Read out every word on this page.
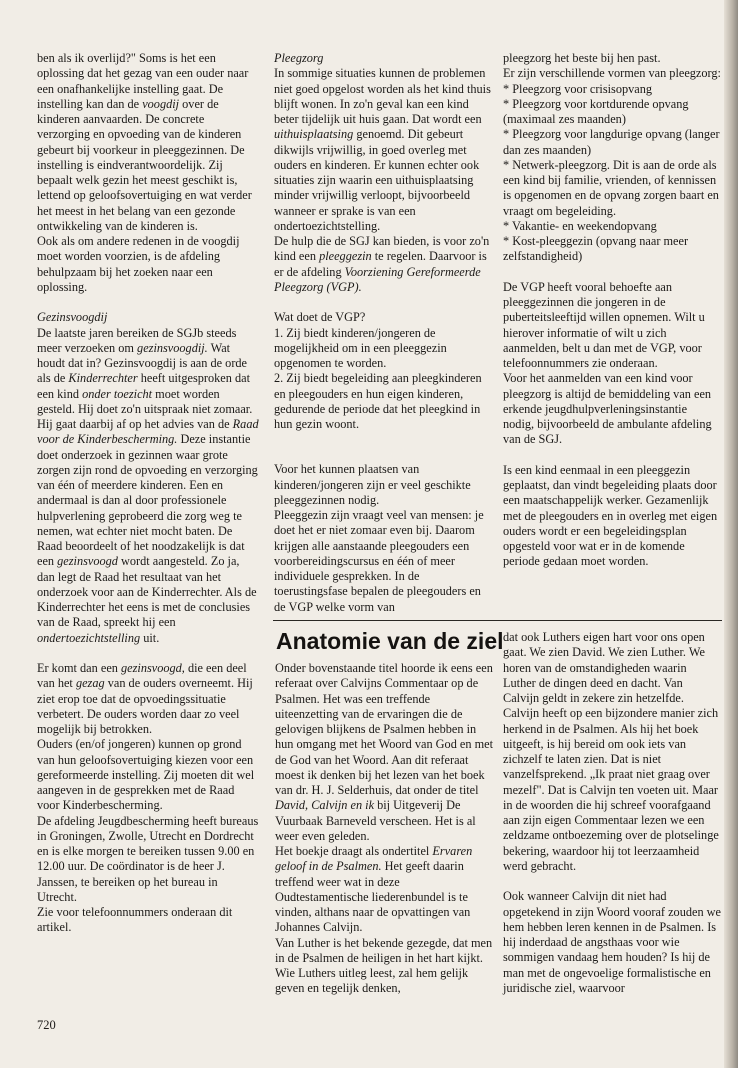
ben als ik overlijd?" Soms is het een oplossing dat het gezag van een ouder naar een onafhankelijke instelling gaat. De instelling kan dan de voogdij over de kinderen aanvaarden. De concrete verzorging en opvoeding van de kinderen gebeurt bij voorkeur in pleeggezinnen. De instelling is eindverantwoordelijk. Zij bepaalt welk gezin het meest geschikt is, lettend op geloofsovertuiging en wat verder het meest in het belang van een gezonde ontwikkeling van de kinderen is.

Ook als om andere redenen in de voogdij moet worden voorzien, is de afdeling behulpzaam bij het zoeken naar een oplossing.

Gezinsvoogdij

De laatste jaren bereiken de SGJb steeds meer verzoeken om gezinsvoogdij. Wat houdt dat in? Gezinsvoogdij is aan de orde als de Kinderrechter heeft uitgesproken dat een kind onder toezicht moet worden gesteld. Hij doet zo'n uitspraak niet zomaar. Hij gaat daarbij af op het advies van de Raad voor de Kinderbescherming. Deze instantie doet onderzoek in gezinnen waar grote zorgen zijn rond de opvoeding en verzorging van één of meerdere kinderen. Een en andermaal is dan al door professionele hulpverlening geprobeerd die zorg weg te nemen, wat echter niet mocht baten. De Raad beoordeelt of het noodzakelijk is dat een gezinsvoogd wordt aangesteld. Zo ja, dan legt de Raad het resultaat van het onderzoek voor aan de Kinderrechter. Als de Kinderrechter het eens is met de conclusies van de Raad, spreekt hij een ondertoezichtstelling uit.

Er komt dan een gezinsvoogd, die een deel van het gezag van de ouders overneemt. Hij ziet erop toe dat de opvoedingssituatie verbetert. De ouders worden daar zo veel mogelijk bij betrokken.

Ouders (en/of jongeren) kunnen op grond van hun geloofsovertuiging kiezen voor een gereformeerde instelling. Zij moeten dit wel aangeven in de gesprekken met de Raad voor Kinderbescherming.

De afdeling Jeugdbescherming heeft bureaus in Groningen, Zwolle, Utrecht en Dordrecht en is elke morgen te bereiken tussen 9.00 en 12.00 uur. De coördinator is de heer J. Janssen, te bereiken op het bureau in Utrecht.

Zie voor telefoonnummers onderaan dit artikel.

Pleegzorg

In sommige situaties kunnen de problemen niet goed opgelost worden als het kind thuis blijft wonen. In zo'n geval kan een kind beter tijdelijk uit huis gaan. Dat wordt een uithuisplaatsing genoemd. Dit gebeurt dikwijls vrijwillig, in goed overleg met ouders en kinderen. Er kunnen echter ook situaties zijn waarin een uithuisplaatsing minder vrijwillig verloopt, bijvoorbeeld wanneer er sprake is van een ondertoezichtstelling.

De hulp die de SGJ kan bieden, is voor zo'n kind een pleeggezin te regelen. Daarvoor is er de afdeling Voorziening Gereformeerde Pleegzorg (VGP).

Wat doet de VGP?

1. Zij biedt kinderen/jongeren de mogelijkheid om in een pleeggezin opgenomen te worden.

2. Zij biedt begeleiding aan pleegkinderen en pleegouders en hun eigen kinderen, gedurende de periode dat het pleegkind in hun gezin woont.

Voor het kunnen plaatsen van kinderen/jongeren zijn er veel geschikte pleeggezinnen nodig.

Pleeggezin zijn vraagt veel van mensen: je doet het er niet zomaar even bij. Daarom krijgen alle aanstaande pleegouders een voorbereidingscursus en één of meer individuele gesprekken. In de toerustingsfase bepalen de pleegouders en de VGP welke vorm van

pleegzorg het beste bij hen past.

Er zijn verschillende vormen van pleegzorg:

* Pleegzorg voor crisisopvang

* Pleegzorg voor kortdurende opvang (maximaal zes maanden)

* Pleegzorg voor langdurige opvang (langer dan zes maanden)

* Netwerk-pleegzorg. Dit is aan de orde als een kind bij familie, vrienden, of kennissen is opgenomen en de opvang zorgen baart en vraagt om begeleiding.

* Vakantie- en weekendopvang

* Kost-pleeggezin (opvang naar meer zelfstandigheid)

De VGP heeft vooral behoefte aan pleeggezinnen die jongeren in de puberteitsleeftijd willen opnemen. Wilt u hierover informatie of wilt u zich aanmelden, belt u dan met de VGP, voor telefoonnummers zie onderaan.

Voor het aanmelden van een kind voor pleegzorg is altijd de bemiddeling van een erkende jeugdhulpverleningsinstantie nodig, bijvoorbeeld de ambulante afdeling van de SGJ.

Is een kind eenmaal in een pleeggezin geplaatst, dan vindt begeleiding plaats door een maatschappelijk werker. Gezamenlijk met de pleegouders en in overleg met eigen ouders wordt er een begeleidingsplan opgesteld voor wat er in de komende periode gedaan moet worden.

Anatomie van de ziel

Onder bovenstaande titel hoorde ik eens een referaat over Calvijns Commentaar op de Psalmen. Het was een treffende uiteenzetting van de ervaringen die de gelovigen blijkens de Psalmen hebben in hun omgang met het Woord van God en met de God van het Woord. Aan dit referaat moest ik denken bij het lezen van het boek van dr. H. J. Selderhuis, dat onder de titel David, Calvijn en ik bij Uitgeverij De Vuurbaak Barneveld verscheen. Het is al weer even geleden.

Het boekje draagt als ondertitel Ervaren geloof in de Psalmen. Het geeft daarin treffend weer wat in deze Oudtestamentische liederenbundel is te vinden, althans naar de opvattingen van Johannes Calvijn.

Van Luther is het bekende gezegde, dat men in de Psalmen de heiligen in het hart kijkt. Wie Luthers uitleg leest, zal hem gelijk geven en tegelijk denken,

dat ook Luthers eigen hart voor ons open gaat. We zien David. We zien Luther. We horen van de omstandigheden waarin Luther de dingen deed en dacht. Van Calvijn geldt in zekere zin hetzelfde. Calvijn heeft op een bijzondere manier zich herkend in de Psalmen. Als hij het boek uitgeeft, is hij bereid om ook iets van zichzelf te laten zien. Dat is niet vanzelfsprekend. „Ik praat niet graag over mezelf". Dat is Calvijn ten voeten uit. Maar in de woorden die hij schreef voorafgaand aan zijn eigen Commentaar lezen we een zeldzame ontboezeming over de plotselinge bekering, waardoor hij tot leerzaamheid werd gebracht.

Ook wanneer Calvijn dit niet had opgetekend in zijn Woord vooraf zouden we hem hebben leren kennen in de Psalmen. Is hij inderdaad de angsthaas voor wie sommigen vandaag hem houden? Is hij de man met de ongevoelige formalistische en juridische ziel, waarvoor

720
